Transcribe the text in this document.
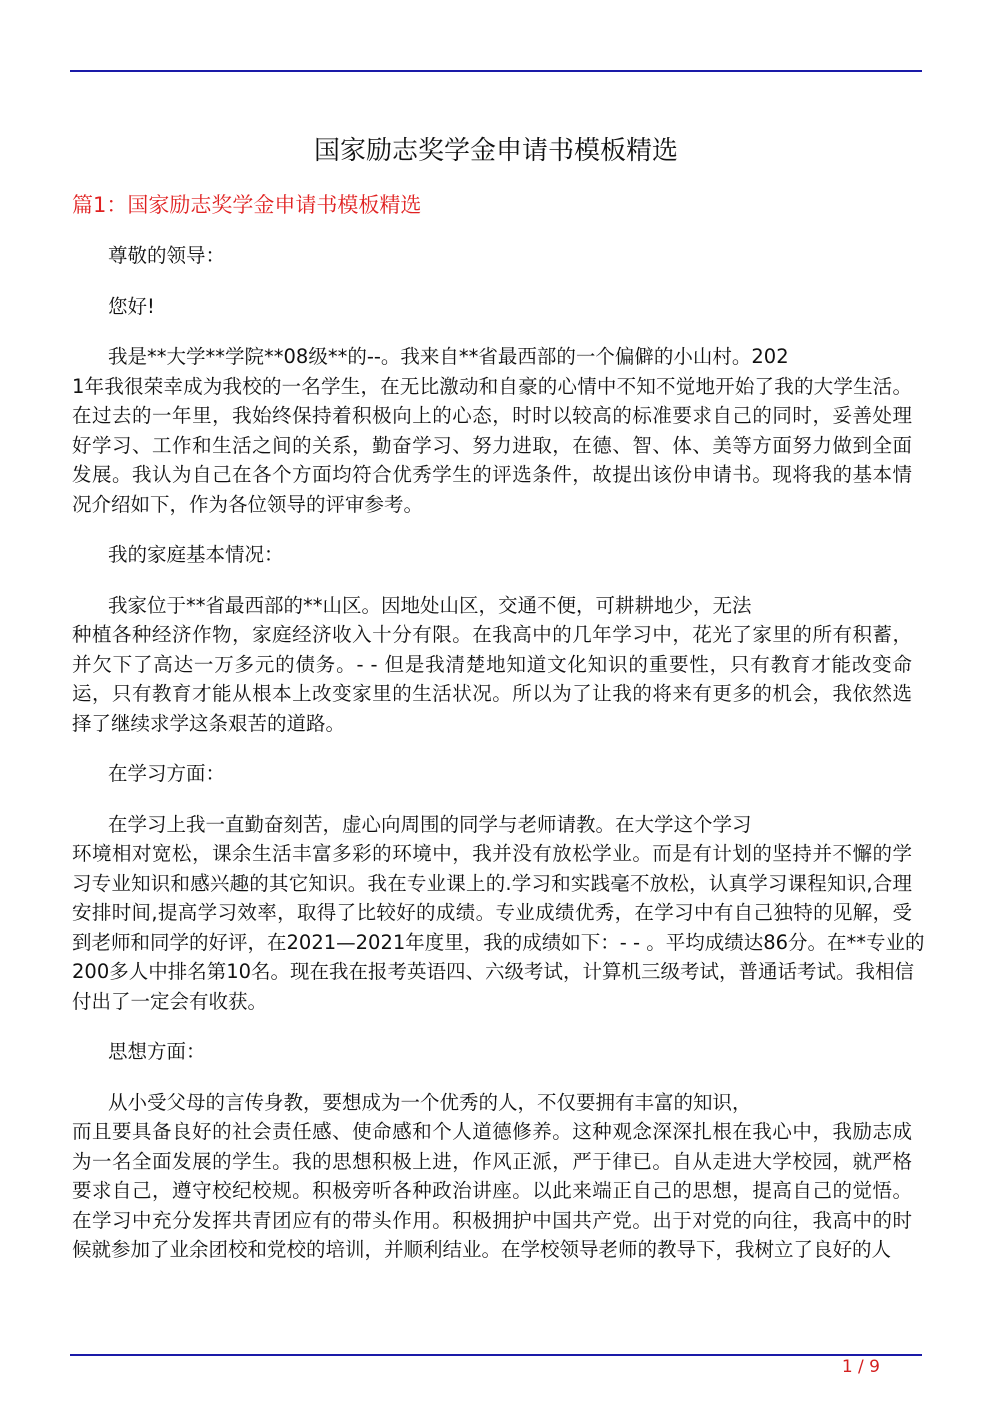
国家励志奖学金申请书模板精选
篇1：国家励志奖学金申请书模板精选
尊敬的领导：
您好!
我是**大学**学院**08级**的--。我来自**省最西部的一个偏僻的小山村。202
1年我很荣幸成为我校的一名学生，在无比激动和自豪的心情中不知不觉地开始了我的大学生活。
在过去的一年里，我始终保持着积极向上的心态，时时以较高的标准要求自己的同时，妥善处理
好学习、工作和生活之间的关系，勤奋学习、努力进取，在德、智、体、美等方面努力做到全面
发展。我认为自己在各个方面均符合优秀学生的评选条件，故提出该份申请书。现将我的基本情
况介绍如下，作为各位领导的评审参考。
我的家庭基本情况：
我家位于**省最西部的**山区。因地处山区，交通不便，可耕耕地少，无法
种植各种经济作物，家庭经济收入十分有限。在我高中的几年学习中，花光了家里的所有积蓄，
并欠下了高达一万多元的债务。- - 但是我清楚地知道文化知识的重要性，只有教育才能改变命
运，只有教育才能从根本上改变家里的生活状况。所以为了让我的将来有更多的机会，我依然选
择了继续求学这条艰苦的道路。
在学习方面：
在学习上我一直勤奋刻苦，虚心向周围的同学与老师请教。在大学这个学习
环境相对宽松，课余生活丰富多彩的环境中，我并没有放松学业。而是有计划的坚持并不懈的学
习专业知识和感兴趣的其它知识。我在专业课上的.学习和实践毫不放松，认真学习课程知识,合理
安排时间,提高学习效率，取得了比较好的成绩。专业成绩优秀，在学习中有自己独特的见解，受
到老师和同学的好评，在2021—2021年度里，我的成绩如下：- - 。平均成绩达86分。在**专业的
200多人中排名第10名。现在我在报考英语四、六级考试，计算机三级考试，普通话考试。我相信
付出了一定会有收获。
思想方面：
从小受父母的言传身教，要想成为一个优秀的人，不仅要拥有丰富的知识，
而且要具备良好的社会责任感、使命感和个人道德修养。这种观念深深扎根在我心中，我励志成
为一名全面发展的学生。我的思想积极上进，作风正派，严于律已。自从走进大学校园，就严格
要求自己，遵守校纪校规。积极旁听各种政治讲座。以此来端正自己的思想，提高自己的觉悟。
在学习中充分发挥共青团应有的带头作用。积极拥护中国共产党。出于对党的向往，我高中的时
候就参加了业余团校和党校的培训，并顺利结业。在学校领导老师的教导下，我树立了良好的人
1 / 9
